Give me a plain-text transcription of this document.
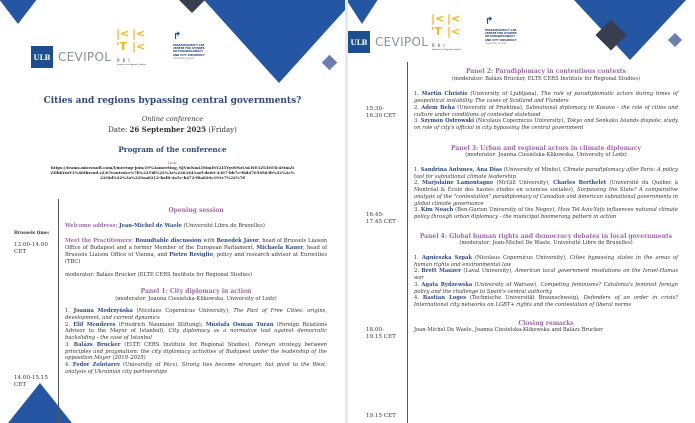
ULB CEVIPOL
|< |<
'T |<
RKI
Institute for Regional Studies
↱
PARADIPLOMACY LAB
CENTRE FOR STUDIES
ON PARADIPLOMACY
AND CITY DIPLOMACY
University of Lodz
Cities and regions bypassing central governments?
Online conference
Date: 26 September 2025 (Friday)
Program of the conference
Link:
https://teams.microsoft.com/l/meetup-join/19%3ameeting_NjVmNmI3MmEtY2I5Yy00NzUxLWE1ZGItOTc4MmZiZDhkYmY1%40thread.v2/0?context=%7b%22Tid%22%3a%2263441aef-da60-4367-bb7e-f6d47056963b%22%2c%22Oid%22%3a%229aa8212-baf8-4a5c-b472-f8a820c193c7%22%7d
Brussels time:
13.00-14.00 CET
14.00-15.15 CET
Opening session
Welcome address: Jean-Michel de Waele (Université Libre de Bruxelles)
Meet the Practitioners: Roundtable discussion with Benedek Jávor, head of Brussels Liaison Office of Budapest and a former Member of the European Parliament, Michaela Kauer, head of Brussels Liaison Office of Vienna, and Pietro Reviglio, policy and research advisor at Eurocities (TBC)
moderator: Balázs Brucker (ELTE CERS Institute for Regional Studies)
Panel 1: City diplomacy in action
(moderator: Joanna Ciesielska-Klikowska, University of Lodz)
1. Joanna Modrzyńska (Nicolaus Copernicus University), The Pact of Free Cities: origins, development, and current dynamics
2. Elif Menderes (Friedrich Naumann Stiftung); Mustafa Osman Turan (Foreign Relations Advisor to the Mayor of Istanbul), City diplomacy as a normative tool against democratic backsliding - the case of Istanbul
3. Balázs Brucker (ELTE CERS Institute for Regional Studies), Foreign strategy between principles and pragmatism: the city diplomacy activities of Budapest under the leadership of the opposition Mayor (2019–2025)
4. Fedor Zolotarev (University of Pécs), Strong ties become stronger, but pivot to the West: analysis of Ukrainian city partnerships
ULB CEVIPOL
|< |<
'T |<
RKI
Institute for Regional Studies
↱
PARADIPLOMACY LAB
CENTRE FOR STUDIES
ON PARADIPLOMACY
AND CITY DIPLOMACY
University of Lodz
15.30-
16.30 CET
16.45-
17.45 CET
18.00-
19.15 CET
19.15 CET
Panel 2: Paradiplomacy in contentious contexts
(moderator: Balázs Brucker, ELTE CERS Institute for Regional Studies)
1. Martin Christie (University of Ljubljana), The role of paradiplomatic actors during times of geopolitical instability. The cases of Scotland and Flanders
2. Adem Beha (University of Prishtina), Subnational diplomacy in Kosovo - the role of cities and culture under conditions of contested statehood
3. Szymon Ostrowski (Nicolaus Copernicus University), Tokyo and Senkaku Islands dispute: study on role of city's official in city bypassing the central government
Panel 3: Urban and regional actors in climate diplomacy
(moderator: Joanna Ciesielska-Klikowska, University of Lodz)
1. Sandrina Antunes, Ana Dias (University of Minho), Climate paradiplomacy after Paris: A policy tool for subnational climate leadership
2. Marjolaine Lamontagne (McGill University), Charles Berthelet (Université du Québec à Montréal & École des hautes études en sciences sociales), Surpassing the State? A comparative analysis of the "contestation" paradiplomacy of Canadian and American subnational governments in global climate governance
3. Kim Noach (Ben-Gurion University of the Negev), How Tel Aviv-Yafo influences national climate policy through urban diplomacy - the municipal boomerang pattern in action
Panel 4: Global human rights and democracy debates in local governments
(moderator: Jean-Michel De Waele, Université Libre de Bruxelles)
1. Agnieszka Szpak (Nicolaus Copernicus University), Cities bypassing states in the areas of human rights and environmental law
2. Brett Manzer (Laval University), American local government resolutions on the Israel-Hamas war
3. Agata Rydzewska (University of Warsaw), Competing feminisms? Catalonia's feminist foreign policy and the challenge to Spain's central authority
4. Bastian Loges (Technische Universität Braunschweig), Defenders of an order in crisis? International city networks on LGBT+ rights and the contestation of liberal norms
Closing remarks
Jean-Michel De Waele, Joanna Ciesielska-Klikowska and Balázs Brucker
